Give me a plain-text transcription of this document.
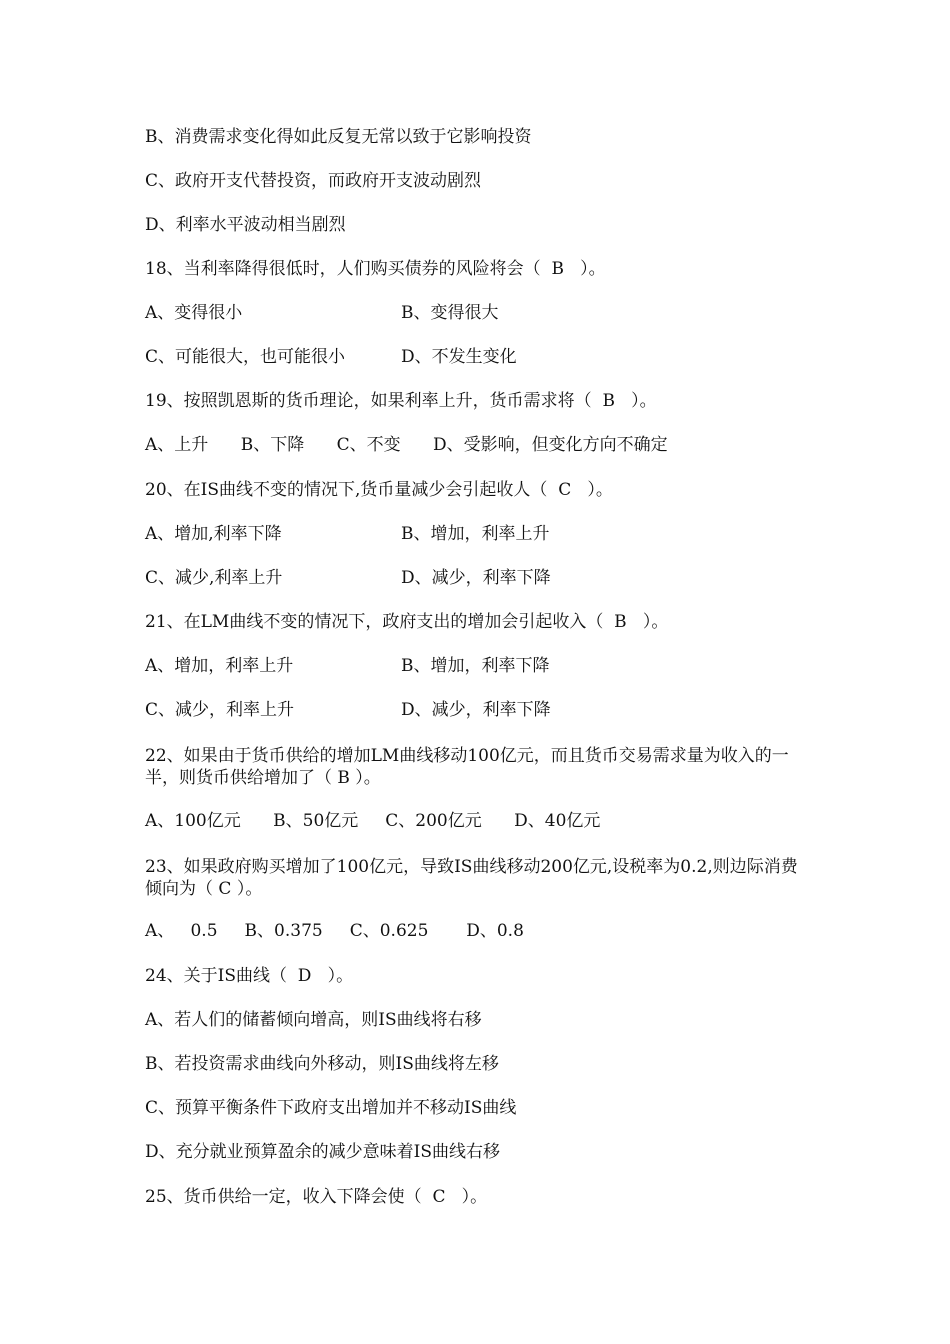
B、消费需求变化得如此反复无常以致于它影响投资
C、政府开支代替投资，而政府开支波动剧烈
D、利率水平波动相当剧烈
18、当利率降得很低时，人们购买债券的风险将会（  B   ）。

A、变得很小

	B、变得很大

C、可能很大，也可能很小

	D、不发生变化

19、按照凯恩斯的货币理论，如果利率上升，货币需求将（  B   ）。
A、上升      B、下降      C、不变      D、受影响，但变化方向不确定
20、在IS曲线不变的情况下,货币量减少会引起收人（  C   ）。

A、增加,利率下降

	B、增加，利率上升

C、减少,利率上升

	D、减少，利率下降

21、在LM曲线不变的情况下，政府支出的增加会引起收入（  B   ）。

A、增加，利率上升

	B、增加，利率下降

C、减少，利率上升

	D、减少，利率下降

22、如果由于货币供给的增加LM曲线移动100亿元，而且货币交易需求量为收入的一半，则货币供给增加了（ B ）。
A、100亿元      B、50亿元     C、200亿元      D、40亿元
23、如果政府购买增加了100亿元，导致IS曲线移动200亿元,设税率为0.2,则边际消费倾向为（ C ）。
A、   0.5     B、0.375     C、0.625       D、0.8
24、关于IS曲线（  D   ）。
A、若人们的储蓄倾向增高，则IS曲线将右移
B、若投资需求曲线向外移动，则IS曲线将左移
C、预算平衡条件下政府支出增加并不移动IS曲线
D、充分就业预算盈余的减少意味着IS曲线右移
25、货币供给一定，收入下降会使（  C   ）。
